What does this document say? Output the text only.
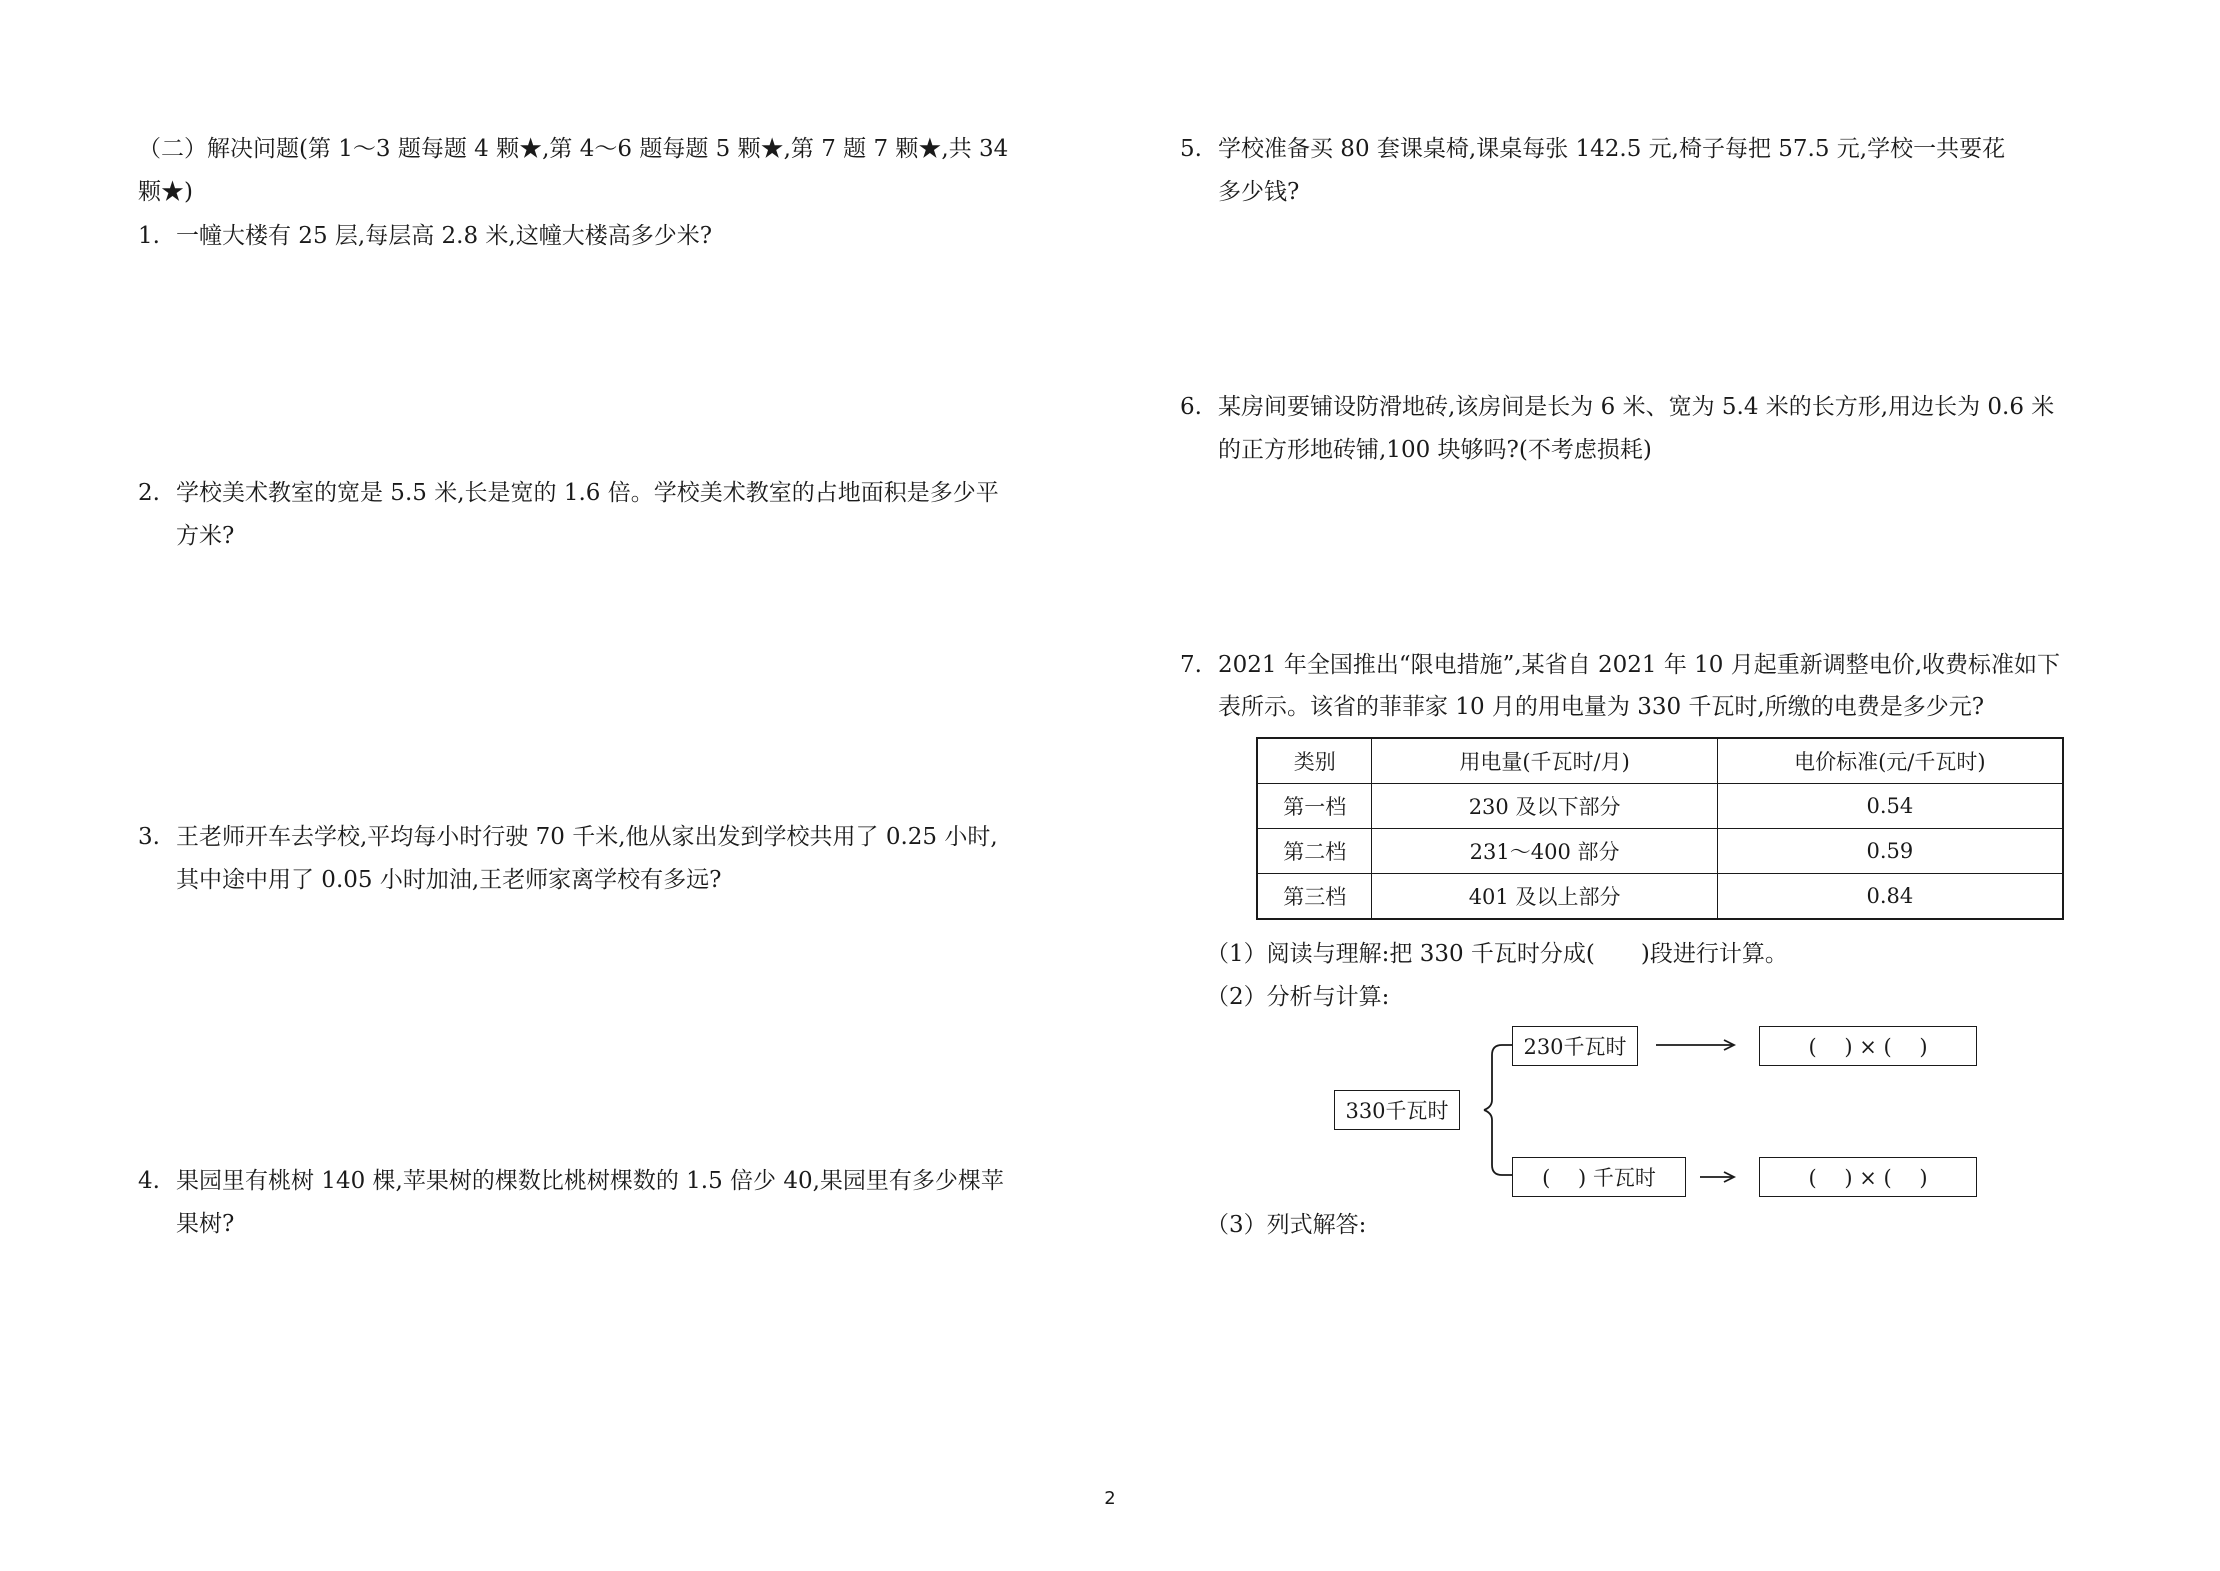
（二）解决问题(第 1～3 题每题 4 颗★,第 4～6 题每题 5 颗★,第 7 题 7 颗★,共 34
颗★)
1. 一幢大楼有 25 层,每层高 2.8 米,这幢大楼高多少米?
2. 学校美术教室的宽是 5.5 米,长是宽的 1.6 倍。学校美术教室的占地面积是多少平
方米?
3. 王老师开车去学校,平均每小时行驶 70 千米,他从家出发到学校共用了 0.25 小时,
其中途中用了 0.05 小时加油,王老师家离学校有多远?
4. 果园里有桃树 140 棵,苹果树的棵数比桃树棵数的 1.5 倍少 40,果园里有多少棵苹
果树?
5. 学校准备买 80 套课桌椅,课桌每张 142.5 元,椅子每把 57.5 元,学校一共要花
多少钱?
6. 某房间要铺设防滑地砖,该房间是长为 6 米、宽为 5.4 米的长方形,用边长为 0.6 米
的正方形地砖铺,100 块够吗?(不考虑损耗)
7. 2021 年全国推出“限电措施”,某省自 2021 年 10 月起重新调整电价,收费标准如下
表所示。该省的菲菲家 10 月的用电量为 330 千瓦时,所缴的电费是多少元?
类别	用电量(千瓦时/月)	电价标准(元/千瓦时)
第一档	230 及以下部分	0.54
第二档	231～400 部分	0.59
第三档	401 及以上部分	0.84
（1）阅读与理解:把 330 千瓦时分成(　　)段进行计算。
（2）分析与计算:
330千瓦时
230千瓦时
(　 ) 千瓦时
(　 ) × (　 )
(　 ) × (　 )
（3）列式解答:
2
